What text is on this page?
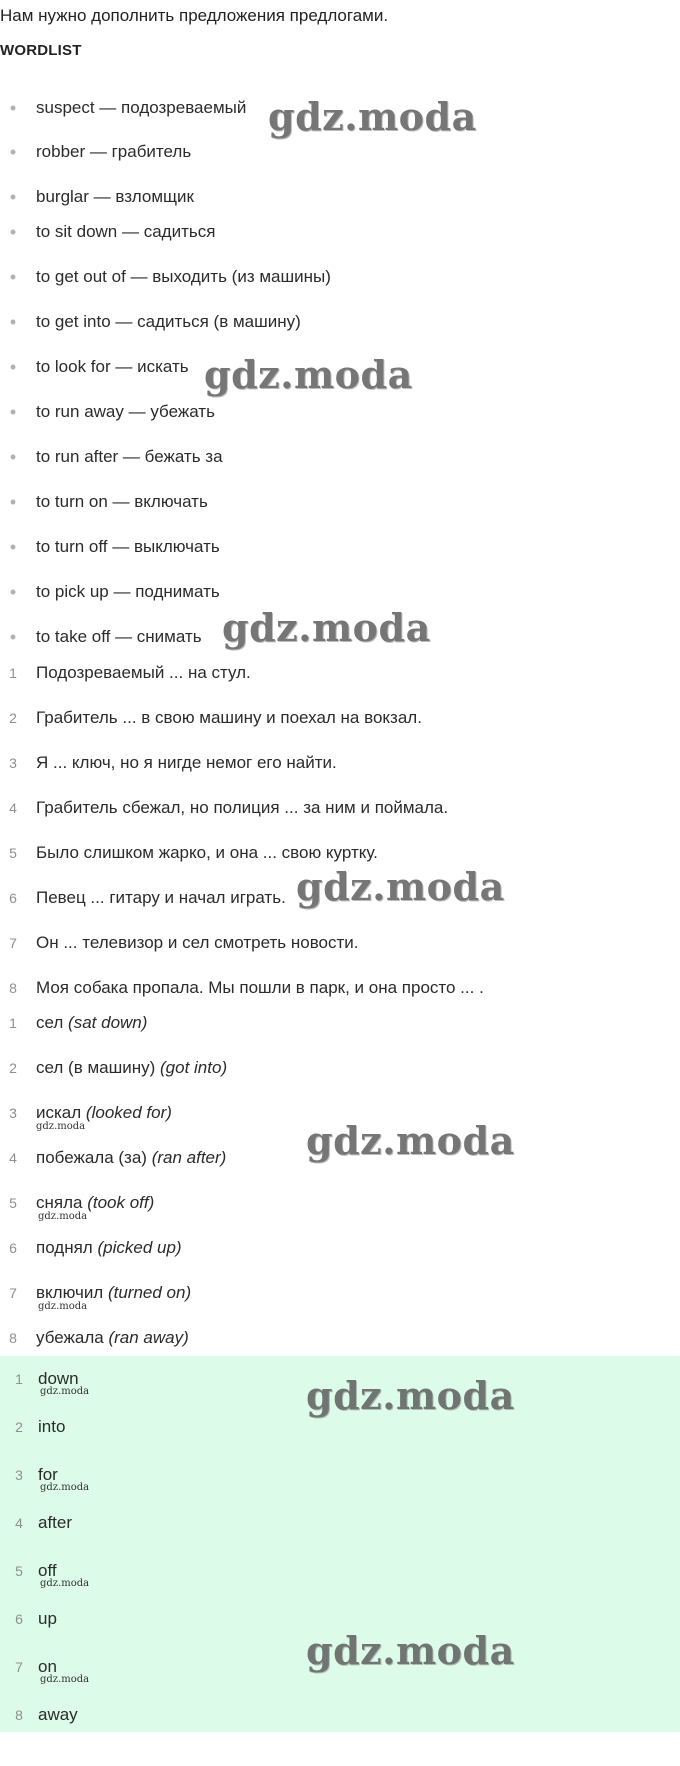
Нам нужно дополнить предложения предлогами.
WORDLIST
•	suspect — подозреваемый
•	robber — грабитель
•	burglar — взломщик
•	to sit down — садиться
•	to get out of — выходить (из машины)
•	to get into — садиться (в машину)
•	to look for — искать
•	to run away — убежать
•	to run after — бежать за
•	to turn on — включать
•	to turn off — выключать
•	to pick up — поднимать
•	to take off — снимать
1	Подозреваемый ... на стул.
2	Грабитель ... в свою машину и поехал на вокзал.
3	Я ... ключ, но я нигде немог его найти.
4	Грабитель сбежал, но полиция ... за ним и поймала.
5	Было слишком жарко, и она ... свою куртку.
6	Певец ... гитару и начал играть.
7	Он ... телевизор и сел смотреть новости.
8	Моя собака пропала. Мы пошли в парк, и она просто ... .
1	сел (sat down)
2	сел (в машину) (got into)
3	искал (looked for)
4	побежала (за) (ran after)
5	сняла (took off)
6	поднял (picked up)
7	включил (turned on)
8	убежала (ran away)
1 down
2 into
3 for
4 after
5 off
6 up
7 on
8 away
gdz.moda
gdz.moda
gdz.moda
gdz.moda
gdz.moda
gdz.moda
gdz.moda
gdz.moda
gdz.moda
gdz.moda
gdz.moda
gdz.moda
gdz.moda
gdz.moda
